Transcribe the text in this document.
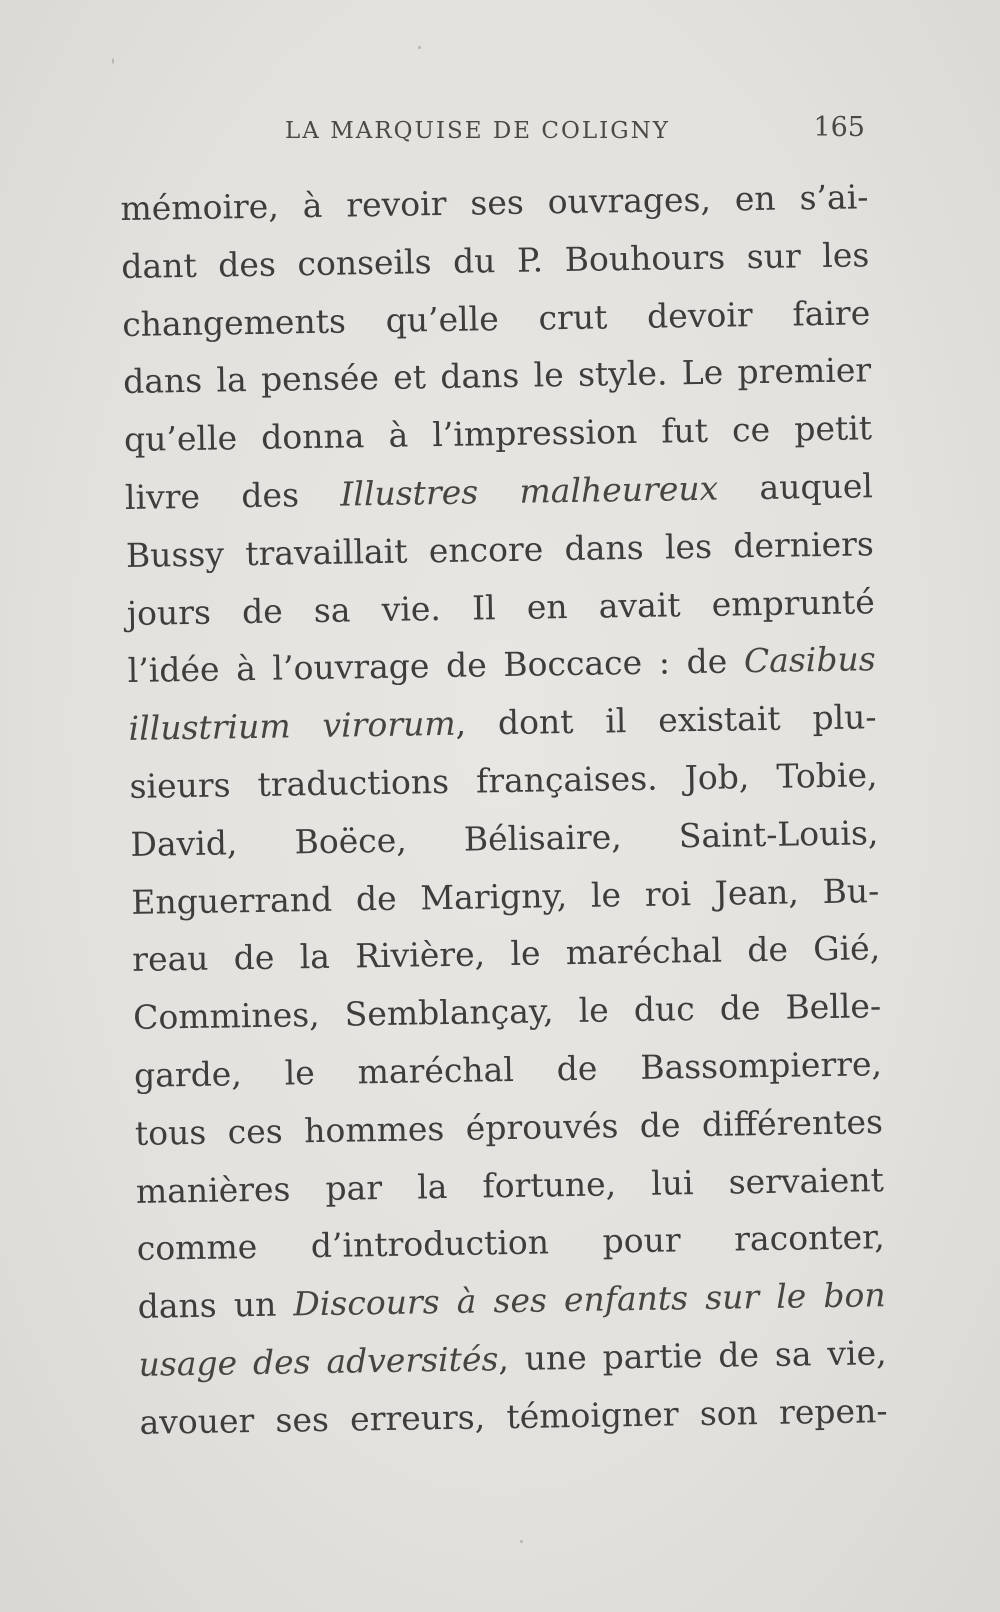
LA MARQUISE DE COLIGNY	165
mémoire, à revoir ses ouvrages, en s’ai-
dant des conseils du P. Bouhours sur les
changements qu’elle crut devoir faire
dans la pensée et dans le style. Le premier
qu’elle donna à l’impression fut ce petit
livre des Illustres malheureux auquel
Bussy travaillait encore dans les derniers
jours de sa vie. Il en avait emprunté
l’idée à l’ouvrage de Boccace : de Casibus
illustrium virorum, dont il existait plu-
sieurs traductions françaises. Job, Tobie,
David, Boëce, Bélisaire, Saint-Louis,
Enguerrand de Marigny, le roi Jean, Bu-
reau de la Rivière, le maréchal de Gié,
Commines, Semblançay, le duc de Belle-
garde, le maréchal de Bassompierre,
tous ces hommes éprouvés de différentes
manières par la fortune, lui servaient
comme d’introduction pour raconter,
dans un Discours à ses enfants sur le bon
usage des adversités, une partie de sa vie,
avouer ses erreurs, témoigner son repen-
